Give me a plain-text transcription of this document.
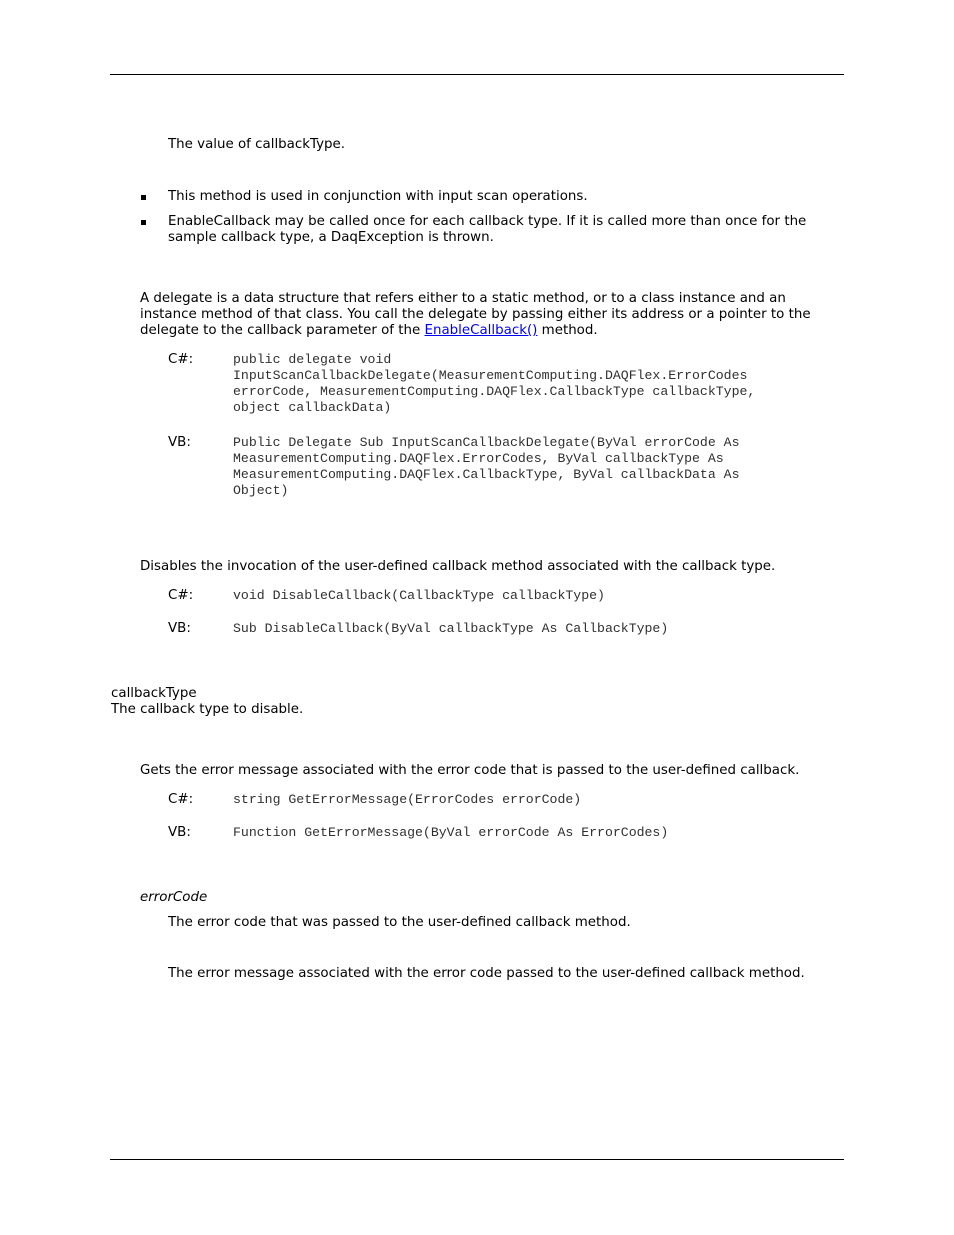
The value of callbackType.

This method is used in conjunction with input scan operations.

EnableCallback may be called once for each callback type. If it is called more than once for the

sample callback type, a DaqException is thrown.

A delegate is a data structure that refers either to a static method, or to a class instance and an

instance method of that class. You call the delegate by passing either its address or a pointer to the

delegate to the callback parameter of the EnableCallback() method.

C#:	public delegate void

InputScanCallbackDelegate(MeasurementComputing.DAQFlex.ErrorCodes

errorCode, MeasurementComputing.DAQFlex.CallbackType callbackType,

object callbackData)

VB:	Public Delegate Sub InputScanCallbackDelegate(ByVal errorCode As

MeasurementComputing.DAQFlex.ErrorCodes, ByVal callbackType As

MeasurementComputing.DAQFlex.CallbackType, ByVal callbackData As

Object)

Disables the invocation of the user-defined callback method associated with the callback type.

C#:	void DisableCallback(CallbackType callbackType)

VB:	Sub DisableCallback(ByVal callbackType As CallbackType)

callbackType

The callback type to disable.

Gets the error message associated with the error code that is passed to the user-defined callback.

C#:	string GetErrorMessage(ErrorCodes errorCode)

VB:	Function GetErrorMessage(ByVal errorCode As ErrorCodes)

errorCode

The error code that was passed to the user-defined callback method.

The error message associated with the error code passed to the user-defined callback method.
